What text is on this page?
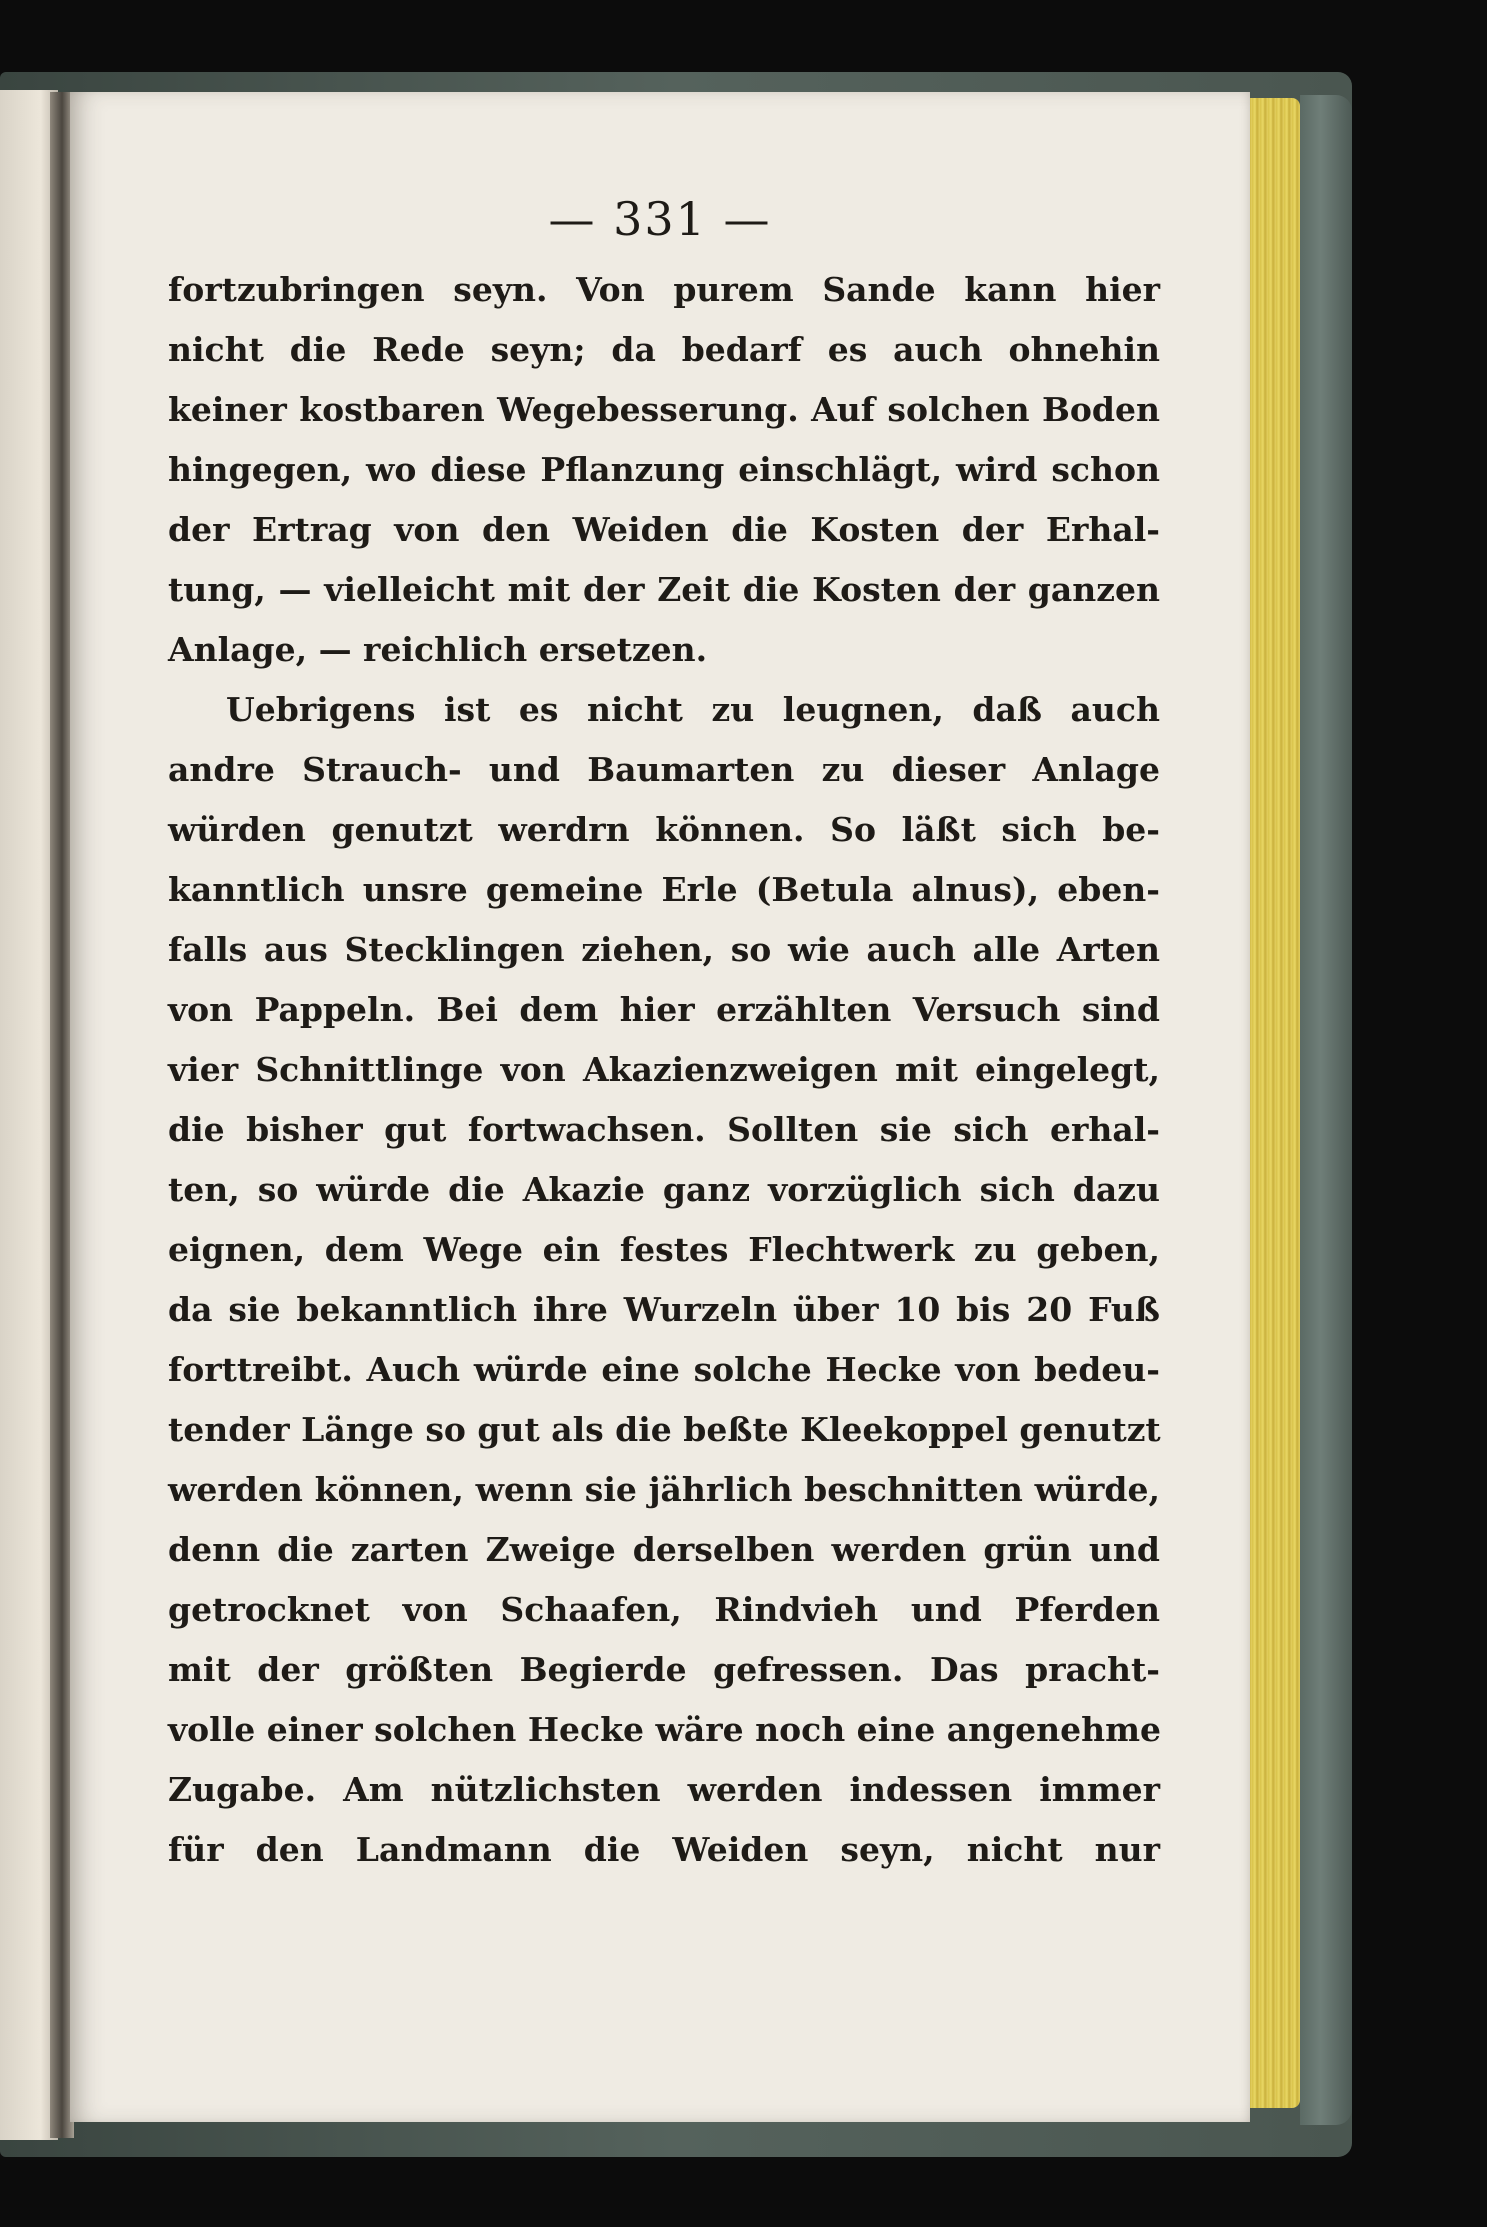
— 331 —
fortzubringen seyn. Von purem Sande kann hier
nicht die Rede seyn; da bedarf es auch ohnehin
keiner kostbaren Wegebesserung. Auf solchen Boden
hingegen, wo diese Pflanzung einschlägt, wird schon
der Ertrag von den Weiden die Kosten der Erhal-
tung, — vielleicht mit der Zeit die Kosten der ganzen
Anlage, — reichlich ersetzen.
Uebrigens ist es nicht zu leugnen, daß auch
andre Strauch- und Baumarten zu dieser Anlage
würden genutzt werdrn können. So läßt sich be-
kanntlich unsre gemeine Erle (Betula alnus), eben-
falls aus Stecklingen ziehen, so wie auch alle Arten
von Pappeln. Bei dem hier erzählten Versuch sind
vier Schnittlinge von Akazienzweigen mit eingelegt,
die bisher gut fortwachsen. Sollten sie sich erhal-
ten, so würde die Akazie ganz vorzüglich sich dazu
eignen, dem Wege ein festes Flechtwerk zu geben,
da sie bekanntlich ihre Wurzeln über 10 bis 20 Fuß
forttreibt. Auch würde eine solche Hecke von bedeu-
tender Länge so gut als die beßte Kleekoppel genutzt
werden können, wenn sie jährlich beschnitten würde,
denn die zarten Zweige derselben werden grün und
getrocknet von Schaafen, Rindvieh und Pferden
mit der größten Begierde gefressen. Das pracht-
volle einer solchen Hecke wäre noch eine angenehme
Zugabe. Am nützlichsten werden indessen immer
für den Landmann die Weiden seyn, nicht nur
